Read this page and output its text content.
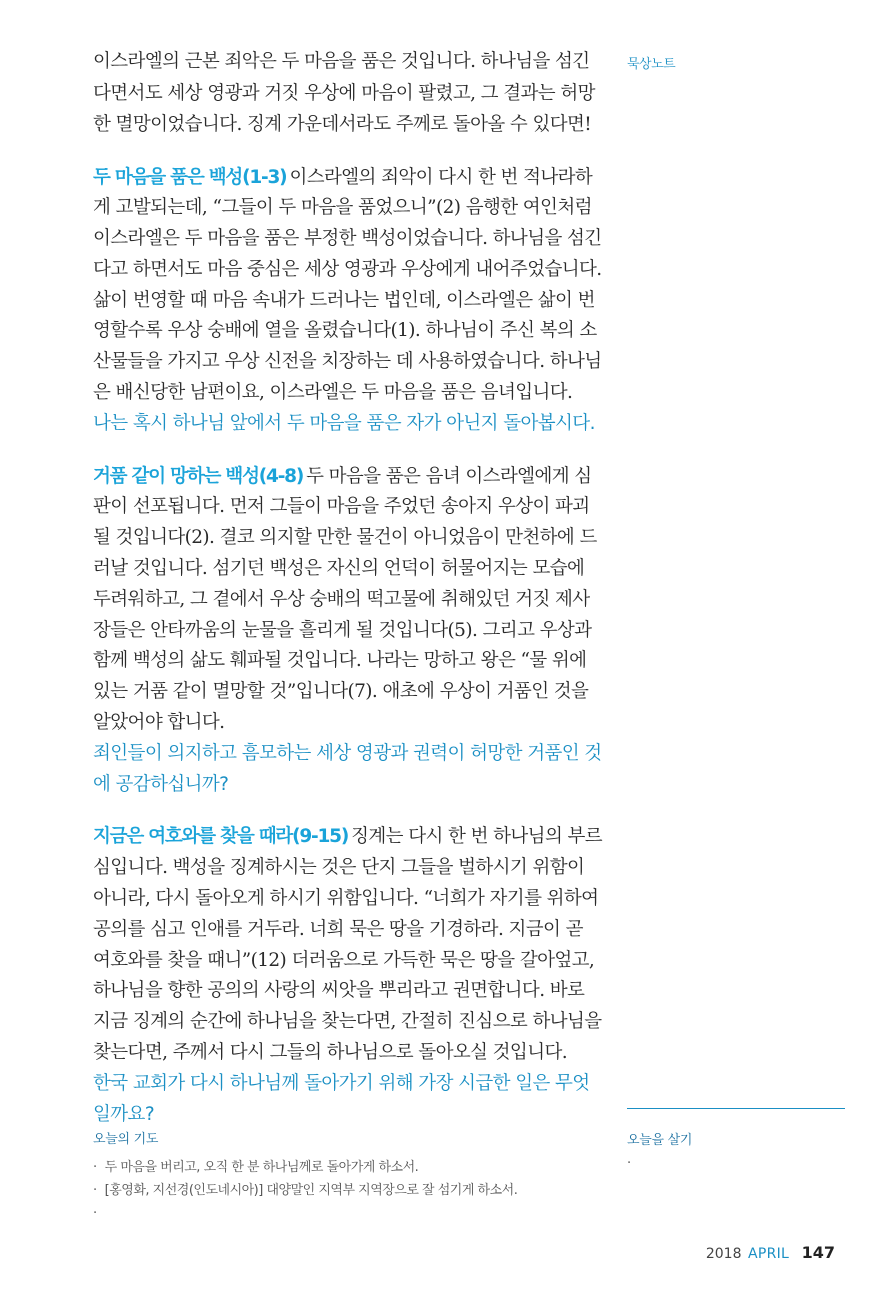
묵상노트

이스라엘의 근본 죄악은 두 마음을 품은 것입니다. 하나님을 섬긴다면서도 세상 영광과 거짓 우상에 마음이 팔렸고, 그 결과는 허망한 멸망이었습니다. 징계 가운데서라도 주께로 돌아올 수 있다면!

두 마음을 품은 백성(1-3) 이스라엘의 죄악이 다시 한 번 적나라하게 고발되는데, “그들이 두 마음을 품었으니”(2) 음행한 여인처럼 이스라엘은 두 마음을 품은 부정한 백성이었습니다. 하나님을 섬긴다고 하면서도 마음 중심은 세상 영광과 우상에게 내어주었습니다. 삶이 번영할 때 마음 속내가 드러나는 법인데, 이스라엘은 삶이 번영할수록 우상 숭배에 열을 올렸습니다(1). 하나님이 주신 복의 소산물들을 가지고 우상 신전을 치장하는 데 사용하였습니다. 하나님은 배신당한 남편이요, 이스라엘은 두 마음을 품은 음녀입니다.

나는 혹시 하나님 앞에서 두 마음을 품은 자가 아닌지 돌아봅시다.

거품 같이 망하는 백성(4-8) 두 마음을 품은 음녀 이스라엘에게 심판이 선포됩니다. 먼저 그들이 마음을 주었던 송아지 우상이 파괴될 것입니다(2). 결코 의지할 만한 물건이 아니었음이 만천하에 드러날 것입니다. 섬기던 백성은 자신의 언덕이 허물어지는 모습에 두려워하고, 그 곁에서 우상 숭배의 떡고물에 취해있던 거짓 제사장들은 안타까움의 눈물을 흘리게 될 것입니다(5). 그리고 우상과 함께 백성의 삶도 훼파될 것입니다. 나라는 망하고 왕은 “물 위에 있는 거품 같이 멸망할 것”입니다(7). 애초에 우상이 거품인 것을 알았어야 합니다.

죄인들이 의지하고 흠모하는 세상 영광과 권력이 허망한 거품인 것에 공감하십니까?

지금은 여호와를 찾을 때라(9-15) 징계는 다시 한 번 하나님의 부르심입니다. 백성을 징계하시는 것은 단지 그들을 벌하시기 위함이 아니라, 다시 돌아오게 하시기 위함입니다. “너희가 자기를 위하여 공의를 심고 인애를 거두라. 너희 묵은 땅을 기경하라. 지금이 곧 여호와를 찾을 때니”(12) 더러움으로 가득한 묵은 땅을 갈아엎고, 하나님을 향한 공의의 사랑의 씨앗을 뿌리라고 권면합니다. 바로 지금 징계의 순간에 하나님을 찾는다면, 간절히 진심으로 하나님을 찾는다면, 주께서 다시 그들의 하나님으로 돌아오실 것입니다.

한국 교회가 다시 하나님께 돌아가기 위해 가장 시급한 일은 무엇일까요?

오늘의 기도
· 두 마음을 버리고, 오직 한 분 하나님께로 돌아가게 하소서.
· [홍영화, 지선경(인도네시아)] 대양말인 지역부 지역장으로 잘 섬기게 하소서.
·
오늘을 살기
·
2018 APRIL 147
